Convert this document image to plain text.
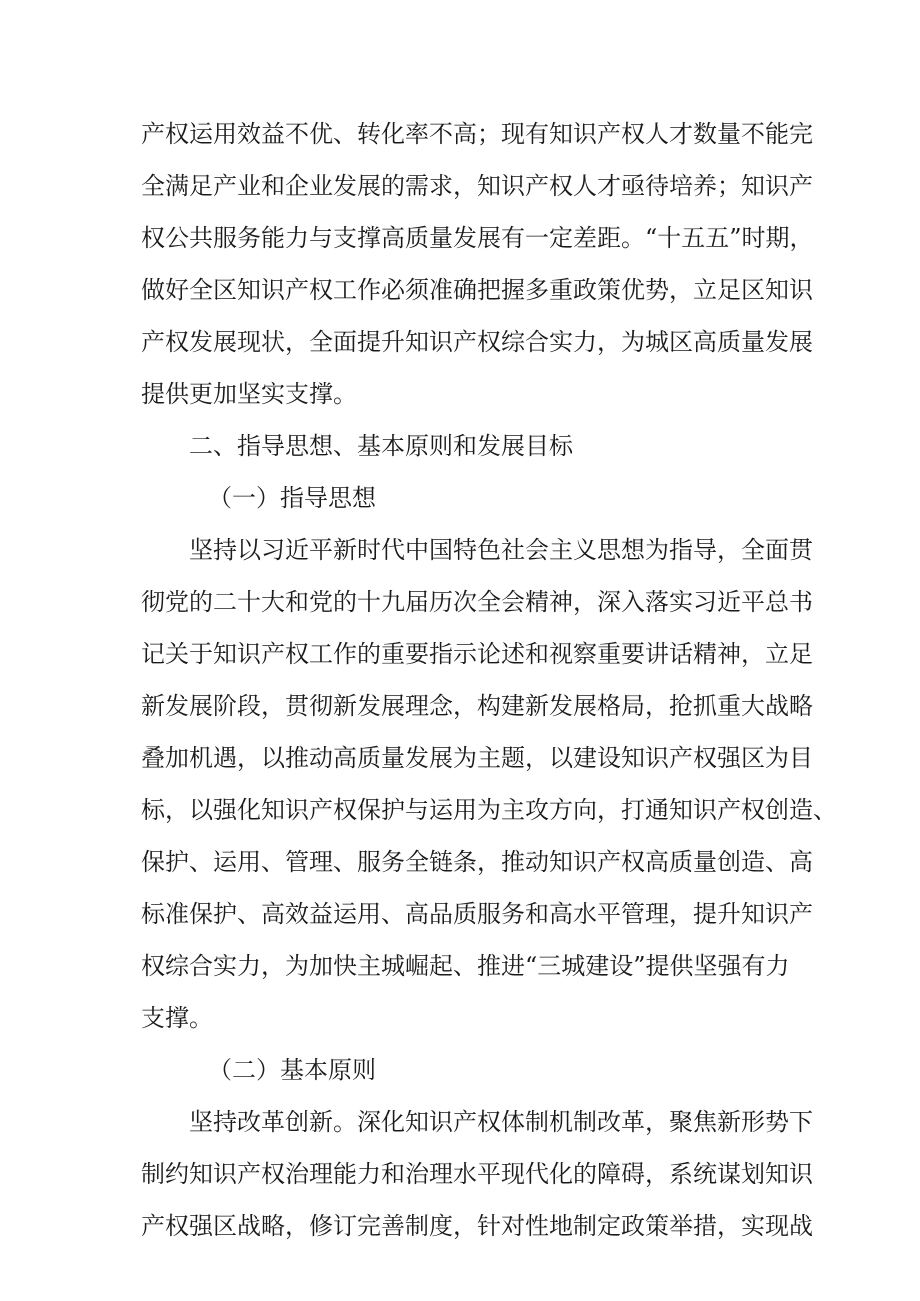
产权运用效益不优、转化率不高；现有知识产权人才数量不能完
全满足产业和企业发展的需求，知识产权人才亟待培养；知识产
权公共服务能力与支撑高质量发展有一定差距。“十五五”时期，
做好全区知识产权工作必须准确把握多重政策优势，立足区知识
产权发展现状，全面提升知识产权综合实力，为城区高质量发展
提供更加坚实支撑。
二、指导思想、基本原则和发展目标
（一）指导思想
坚持以习近平新时代中国特色社会主义思想为指导，全面贯
彻党的二十大和党的十九届历次全会精神，深入落实习近平总书
记关于知识产权工作的重要指示论述和视察重要讲话精神，立足
新发展阶段，贯彻新发展理念，构建新发展格局，抢抓重大战略
叠加机遇，以推动高质量发展为主题，以建设知识产权强区为目
标，以强化知识产权保护与运用为主攻方向，打通知识产权创造、
保护、运用、管理、服务全链条，推动知识产权高质量创造、高
标准保护、高效益运用、高品质服务和高水平管理，提升知识产
权综合实力，为加快主城崛起、推进“三城建设”提供坚强有力
支撑。
（二）基本原则
坚持改革创新。深化知识产权体制机制改革，聚焦新形势下
制约知识产权治理能力和治理水平现代化的障碍，系统谋划知识
产权强区战略，修订完善制度，针对性地制定政策举措，实现战
